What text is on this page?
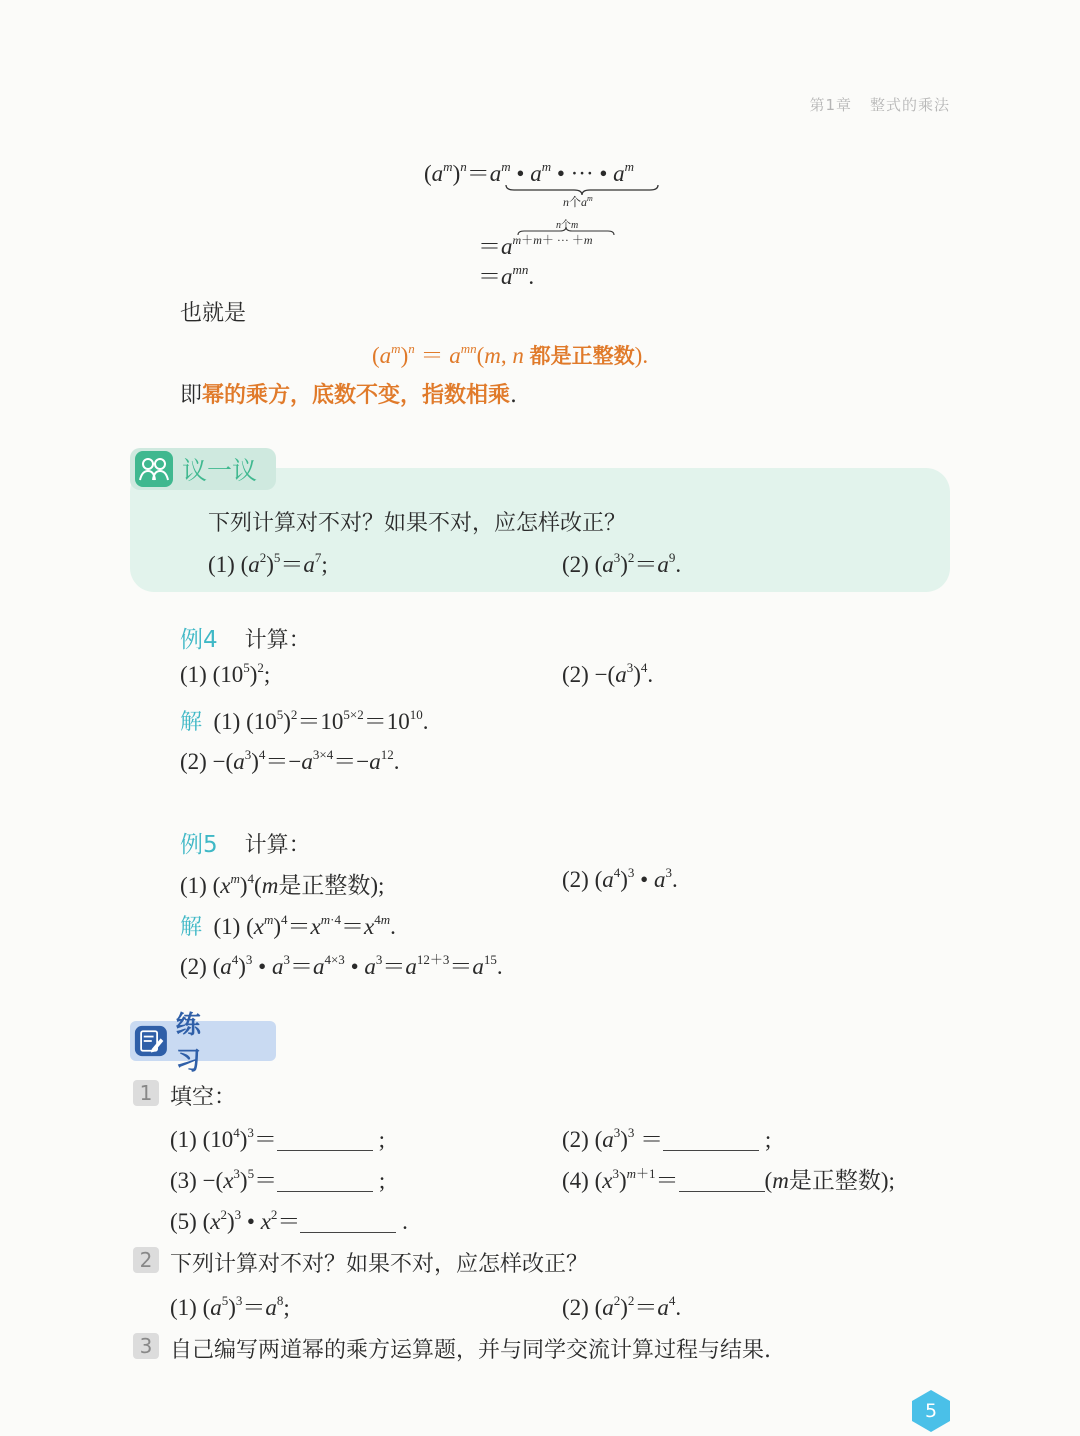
第1章 整式的乘法
$(a^m)^n=a^m$ • $a^m$ • ··· • $a^m$
n个$a^m$
n个m
$=a^{m+m+ \cdot\cdot\cdot +m}$
$=a^{mn}$.
也就是
$(a^m)^n = a^{mn}(m$, n 都是正整数).
即幂的乘方，底数不变，指数相乘.
议一议
下列计算对不对？如果不对，应怎样改正？
(1) $(a^2)^5=a^7$;	(2) $(a^3)^2=a^9$.
例4 计算：
(1) $(10^5)^2$;	$(2) -(a^3)^4$.
解  (1) $(10^5)^2=10^{5\times 2}=10^{10}$.
$(2) -(a^3)^4=-a^{3\times 4}=-a^{12}$.
例5 计算：
(1) $(x^m)^4(m$是正整数);	(2) $(a^4)^3$ • $a^3$.
解  (1) $(x^m)^4=x^{m\cdot 4}=x^{4m}$.
(2) $(a^4)^3$ • $a^3=a^{4\times 3}$ • $a^3=a^{12+3}=a^{15}$.
练 习
1 填空：
(1) $(10^4)^3=$	;	(2) $(a^3)^3$ ＝	;
$(3) -(x^3)^5=$	;	(4) $(x^3)^{m+1}=$	(m是正整数);
(5) $(x^2)^3$ • $x^2=$	.
2 下列计算对不对？如果不对，应怎样改正？
(1) $(a^5)^3=a^8$;	(2) $(a^2)^2=a^4$.
3 自己编写两道幂的乘方运算题，并与同学交流计算过程与结果.
5
